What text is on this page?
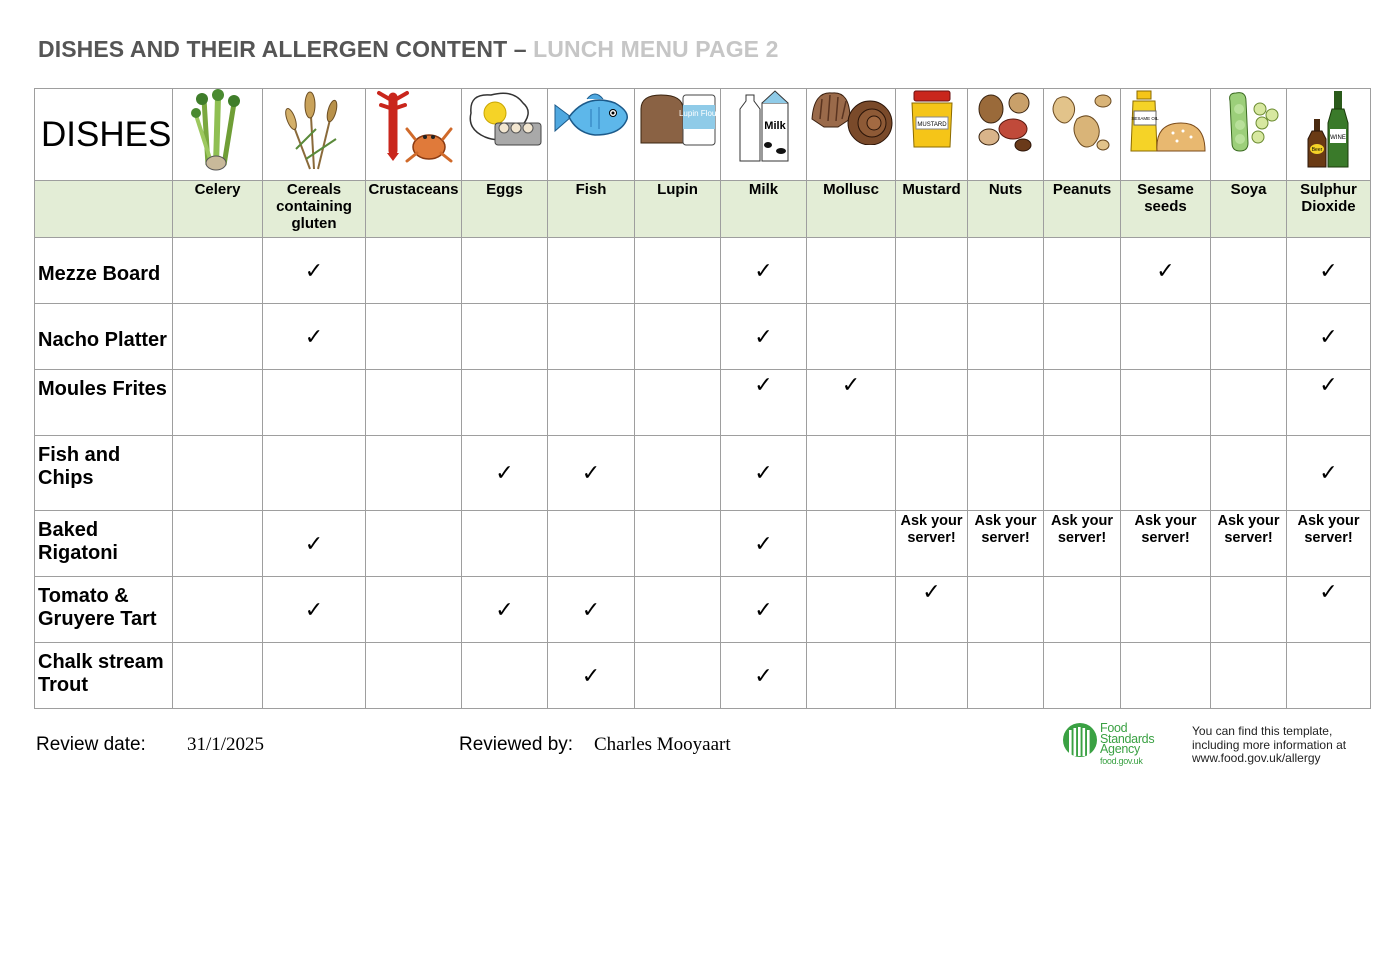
DISHES AND THEIR ALLERGEN CONTENT – LUNCH MENU PAGE 2
DISHES						Lupin Flour	Milk		MUSTARD			SESAME OIL		WINE
Beer

	Celery	Cereals containing gluten	Crustaceans	Eggs	Fish	Lupin	Milk	Mollusc	Mustard	Nuts	Peanuts	Sesame seeds	Soya	Sulphur Dioxide

Mezze Board		✓					✓					✓		✓

Nacho Platter		✓					✓							✓

Moules Frites							✓	✓						✓

Fish and Chips				✓	✓		✓							✓

Baked Rigatoni		✓					✓		Ask your server!	Ask your server!	Ask your server!	Ask your server!	Ask your server!	Ask your server!

Tomato & Gruyere Tart		✓		✓	✓		✓		✓					✓

Chalk stream Trout					✓		✓							

Review date: 31/1/2025	Reviewed by: Charles Mooyaart
Food
Standards
Agency
food.gov.uk
You can find this template,
including more information at
www.food.gov.uk/allergy
